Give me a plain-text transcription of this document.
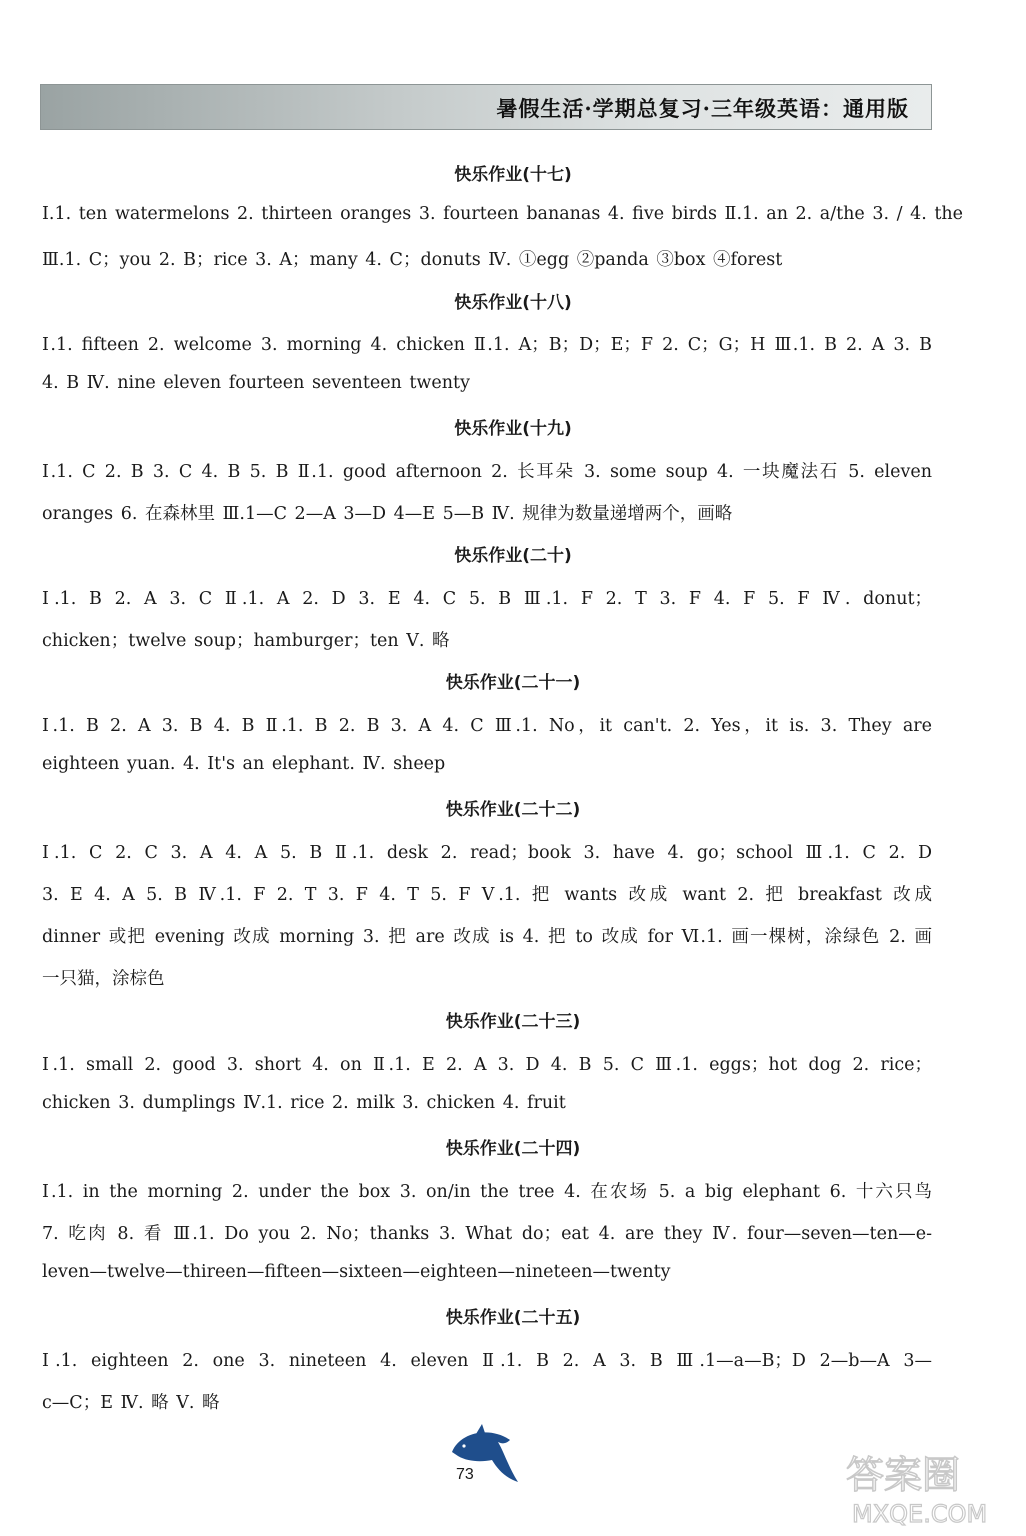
暑假生活·学期总复习·三年级英语：通用版
快乐作业(十七)
Ⅰ.1. ten watermelons 2. thirteen oranges 3. fourteen bananas 4. five birds Ⅱ.1. an 2. a/the 3. / 4. the
Ⅲ.1. C；you 2. B；rice 3. A；many 4. C；donuts Ⅳ. ①egg ②panda ③box ④forest
快乐作业(十八)
Ⅰ.1. fifteen 2. welcome 3. morning 4. chicken Ⅱ.1. A；B；D；E；F 2. C；G；H Ⅲ.1. B 2. A 3. B
4. B Ⅳ. nine eleven fourteen seventeen twenty
快乐作业(十九)
Ⅰ.1. C 2. B 3. C 4. B 5. B Ⅱ.1. good afternoon 2. 长耳朵 3. some soup 4. 一块魔法石 5. eleven
oranges 6. 在森林里 Ⅲ.1—C 2—A 3—D 4—E 5—B Ⅳ. 规律为数量递增两个，画略
快乐作业(二十)
Ⅰ.1. B 2. A 3. C Ⅱ.1. A 2. D 3. E 4. C 5. B Ⅲ.1. F 2. T 3. F 4. F 5. F Ⅳ. donut；
chicken；twelve soup；hamburger；ten Ⅴ. 略
快乐作业(二十一)
Ⅰ.1. B 2. A 3. B 4. B Ⅱ.1. B 2. B 3. A 4. C Ⅲ.1. No，it can't. 2. Yes，it is. 3. They are
eighteen yuan. 4. It's an elephant. Ⅳ. sheep
快乐作业(二十二)
Ⅰ.1. C 2. C 3. A 4. A 5. B Ⅱ.1. desk 2. read；book 3. have 4. go；school Ⅲ.1. C 2. D
3. E 4. A 5. B Ⅳ.1. F 2. T 3. F 4. T 5. F Ⅴ.1. 把 wants 改成 want 2. 把 breakfast 改成
dinner 或把 evening 改成 morning 3. 把 are 改成 is 4. 把 to 改成 for Ⅵ.1. 画一棵树，涂绿色 2. 画
一只猫，涂棕色
快乐作业(二十三)
Ⅰ.1. small 2. good 3. short 4. on Ⅱ.1. E 2. A 3. D 4. B 5. C Ⅲ.1. eggs；hot dog 2. rice；
chicken 3. dumplings Ⅳ.1. rice 2. milk 3. chicken 4. fruit
快乐作业(二十四)
Ⅰ.1. in the morning 2. under the box 3. on/in the tree 4. 在农场 5. a big elephant 6. 十六只鸟
7. 吃肉 8. 看 Ⅲ.1. Do you 2. No；thanks 3. What do；eat 4. are they Ⅳ. four—seven—ten—e-
leven—twelve—thireen—fifteen—sixteen—eighteen—nineteen—twenty
快乐作业(二十五)
Ⅰ.1. eighteen 2. one 3. nineteen 4. eleven Ⅱ.1. B 2. A 3. B Ⅲ.1—a—B；D 2—b—A 3—
c—C；E Ⅳ. 略 Ⅴ. 略
73	答案圈
MXQE.COM
